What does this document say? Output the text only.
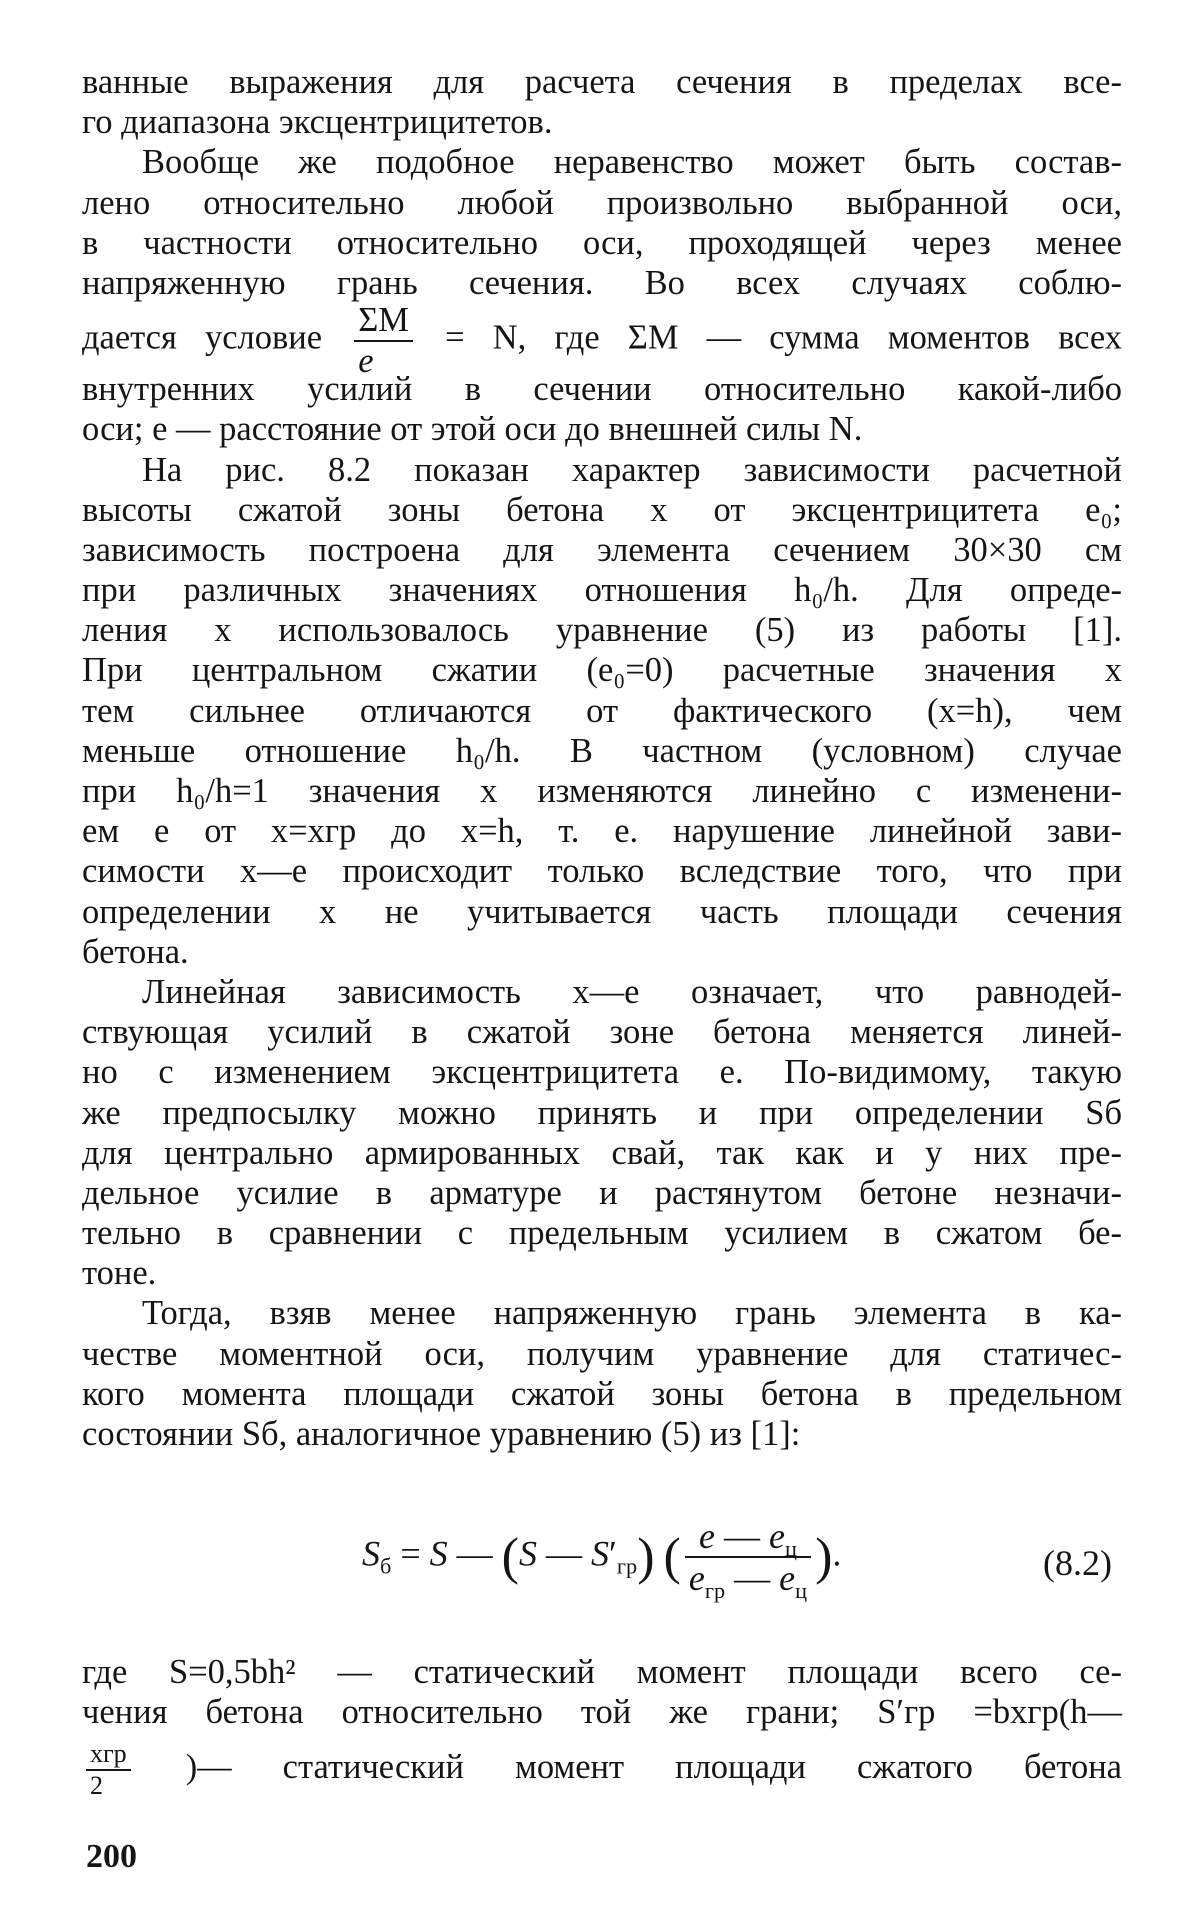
ванные выражения для расчета сечения в пределах все-
го диапазона эксцентрицитетов.
Вообще же подобное неравенство может быть состав-
лено относительно любой произвольно выбранной оси,
в частности относительно оси, проходящей через менее
напряженную грань сечения. Во всех случаях соблю-
дается условие $\frac{\Sigma M}{e} = N$, где ΣM — сумма моментов всех
внутренних усилий в сечении относительно какой-либо
оси; e — расстояние от этой оси до внешней силы N.
На рис. 8.2 показан характер зависимости расчетной
высоты сжатой зоны бетона x от эксцентрицитета e₀;
зависимость построена для элемента сечением 30×30 см
при различных значениях отношения h₀/h. Для опреде-
ления x использовалось уравнение (5) из работы [1].
При центральном сжатии (e₀=0) расчетные значения x
тем сильнее отличаются от фактического (x=h), чем
меньше отношение h₀/h. В частном (условном) случае
при h₀/h=1 значения x изменяются линейно с изменени-
ем e от x=xгр до x=h, т. е. нарушение линейной зави-
симости x—e происходит только вследствие того, что при
определении x не учитывается часть площади сечения
бетона.
Линейная зависимость x—e означает, что равнодей-
ствующая усилий в сжатой зоне бетона меняется линей-
но с изменением эксцентрицитета e. По-видимому, такую
же предпосылку можно принять и при определении Sб
для центрально армированных свай, так как и у них пре-
дельное усилие в арматуре и растянутом бетоне незначи-
тельно в сравнении с предельным усилием в сжатом бе-
тоне.
Тогда, взяв менее напряженную грань элемента в ка-
честве моментной оси, получим уравнение для статичес-
кого момента площади сжатой зоны бетона в предельном
состоянии Sб, аналогичное уравнению (5) из [1]:
$S_б = S$ — (S — $S'_{гр}$) ( $\frac{e — e_ц}{e_{гр} — e_ц}$ ).	(8.2)
где S=0,5bh² — статический момент площади всего се-
чения бетона относительно той же грани; S′гр =bxгр(h—
$\frac{\text{xгр}}{2}$ )— статический момент площади сжатого бетона
200
